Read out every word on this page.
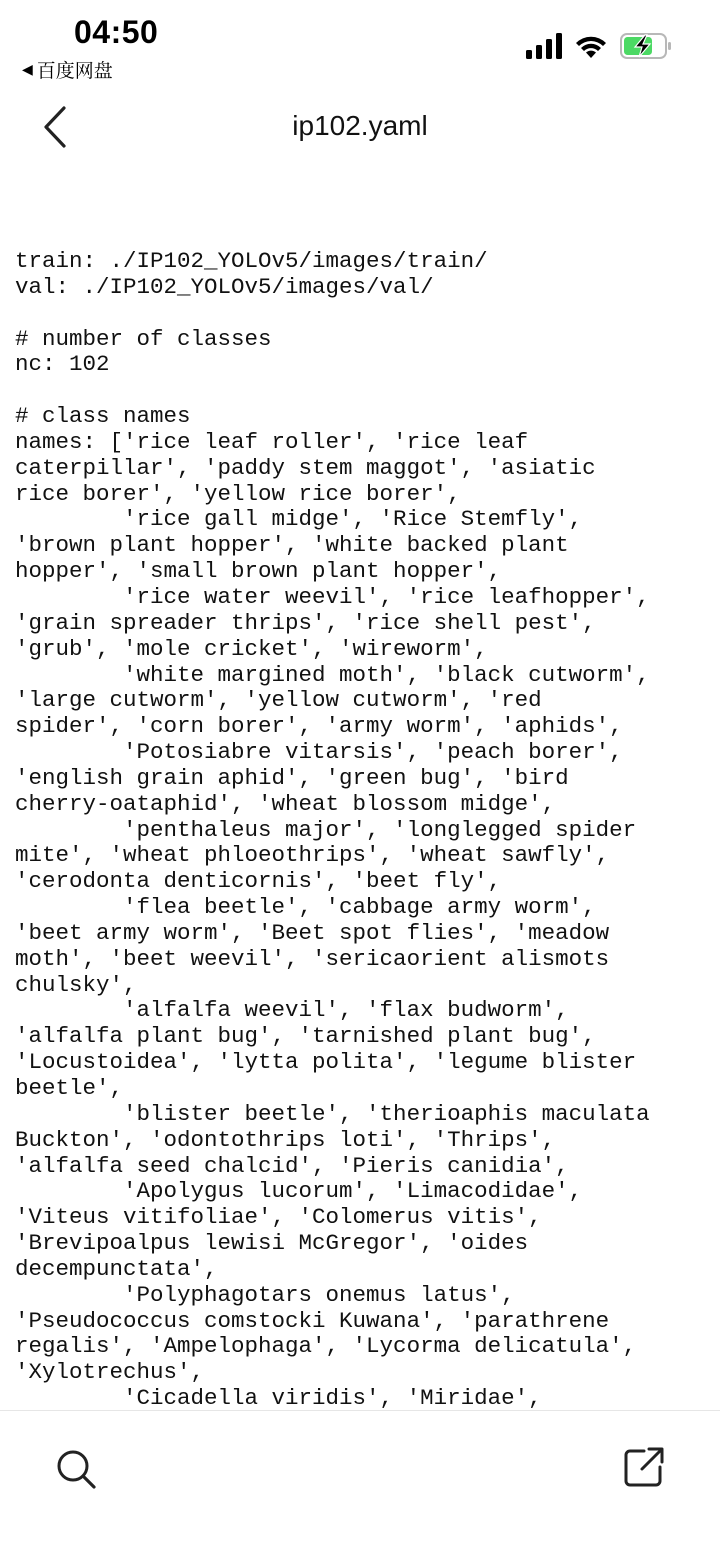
04:50
◀ 百度网盘
ip102.yaml
train: ./IP102_YOLOv5/images/train/
val: ./IP102_YOLOv5/images/val/

# number of classes
nc: 102

# class names
names: ['rice leaf roller', 'rice leaf
caterpillar', 'paddy stem maggot', 'asiatic
rice borer', 'yellow rice borer',
'rice gall midge', 'Rice Stemfly',
'brown plant hopper', 'white backed plant
hopper', 'small brown plant hopper',
'rice water weevil', 'rice leafhopper',
'grain spreader thrips', 'rice shell pest',
'grub', 'mole cricket', 'wireworm',
'white margined moth', 'black cutworm',
'large cutworm', 'yellow cutworm', 'red
spider', 'corn borer', 'army worm', 'aphids',
'Potosiabre vitarsis', 'peach borer',
'english grain aphid', 'green bug', 'bird
cherry-oataphid', 'wheat blossom midge',
'penthaleus major', 'longlegged spider
mite', 'wheat phloeothrips', 'wheat sawfly',
'cerodonta denticornis', 'beet fly',
'flea beetle', 'cabbage army worm',
'beet army worm', 'Beet spot flies', 'meadow
moth', 'beet weevil', 'sericaorient alismots
chulsky',
'alfalfa weevil', 'flax budworm',
'alfalfa plant bug', 'tarnished plant bug',
'Locustoidea', 'lytta polita', 'legume blister
beetle',
'blister beetle', 'therioaphis maculata
Buckton', 'odontothrips loti', 'Thrips',
'alfalfa seed chalcid', 'Pieris canidia',
'Apolygus lucorum', 'Limacodidae',
'Viteus vitifoliae', 'Colomerus vitis',
'Brevipoalpus lewisi McGregor', 'oides
decempunctata',
'Polyphagotars onemus latus',
'Pseudococcus comstocki Kuwana', 'parathrene
regalis', 'Ampelophaga', 'Lycorma delicatula',
'Xylotrechus',
'Cicadella viridis', 'Miridae',
